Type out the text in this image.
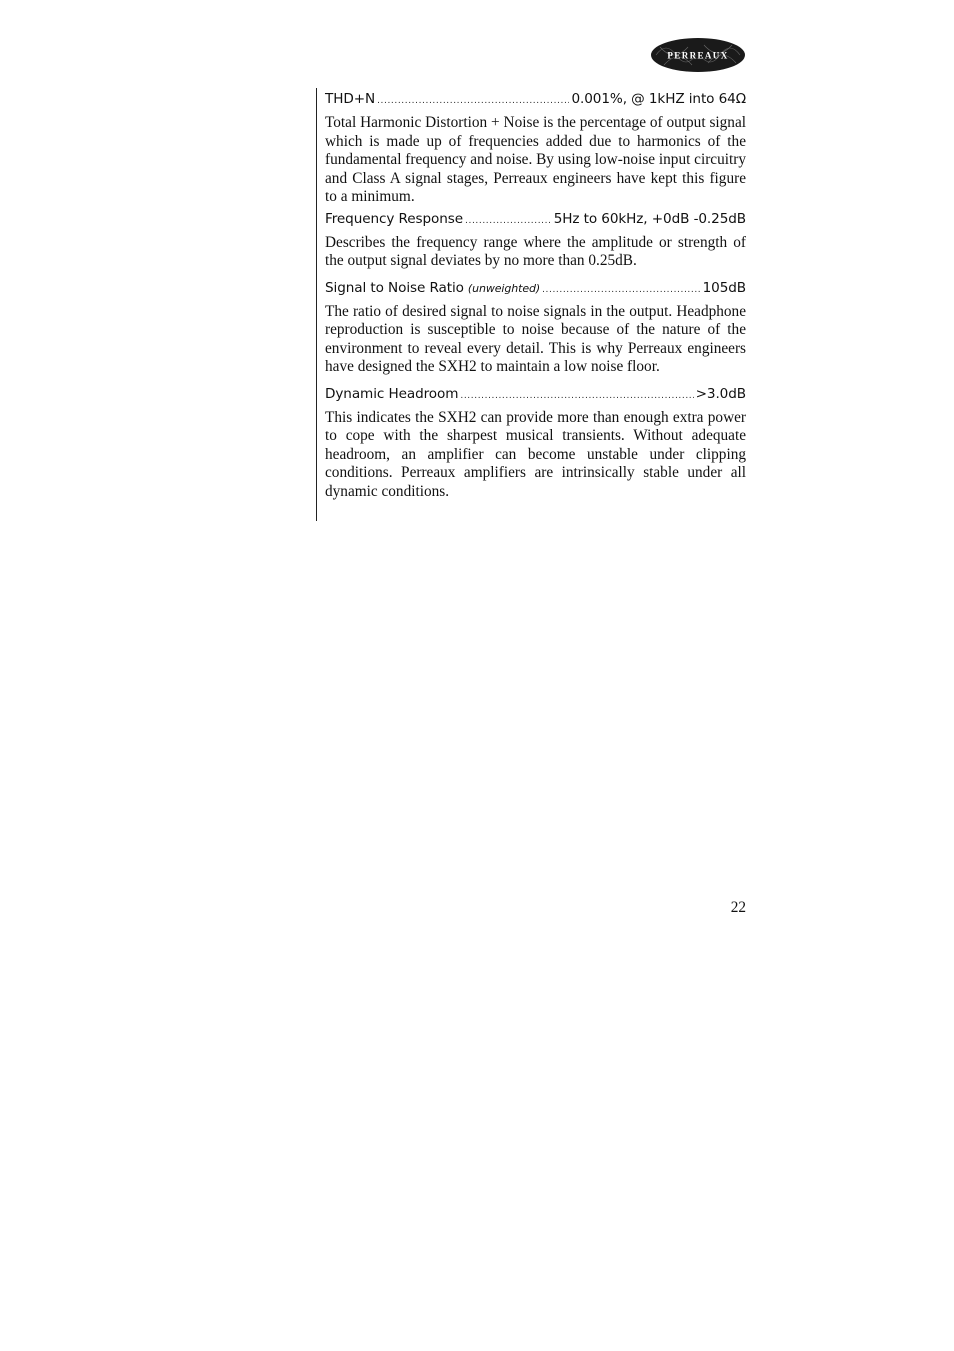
PERREAUX
THD+N .....	0.001%, @ 1kHZ into 64Ω

Total Harmonic Distortion + Noise is the percentage of output signal which is made up of frequencies added due to harmonics of the fundamental frequency and noise. By using low-noise input circuitry and Class A signal stages, Perreaux engineers have kept this figure to a minimum.

Frequency Response .....	5Hz to 60kHz, +0dB -0.25dB

Describes the frequency range where the amplitude or strength of the output signal deviates by no more than 0.25dB.

Signal to Noise Ratio (unweighted) .....	105dB

The ratio of desired signal to noise signals in the output. Headphone reproduction is susceptible to noise because of the nature of the environment to reveal every detail. This is why Perreaux engineers have designed the SXH2 to maintain a low noise floor.

Dynamic Headroom .....	>3.0dB

This indicates the SXH2 can provide more than enough extra power to cope with the sharpest musical transients. Without adequate headroom, an amplifier can become unstable under clipping conditions. Perreaux amplifiers are intrinsically stable under all dynamic conditions.

22
